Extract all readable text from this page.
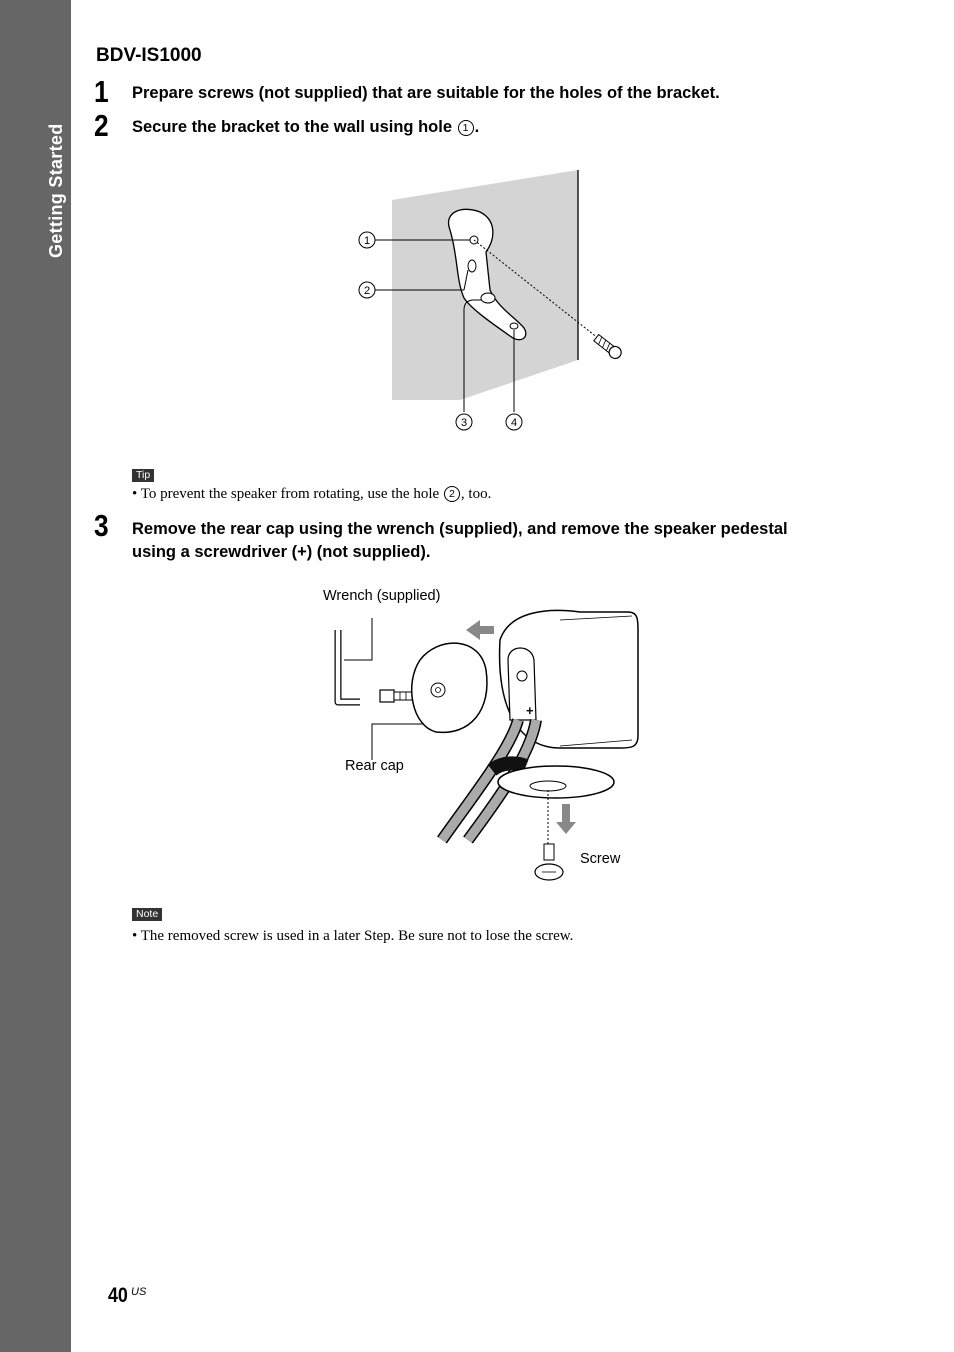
Getting Started
BDV-IS1000
1 Prepare screws (not supplied) that are suitable for the holes of the bracket.
2 Secure the bracket to the wall using hole 1 .
1
2
3	4
Tip
• To prevent the speaker from rotating, use the hole 2 , too.
3 Remove the rear cap using the wrench (supplied), and remove the speaker pedestal
using a screwdriver (+) (not supplied).
+
Wrench (supplied)
Rear cap
Screw
Note
• The removed screw is used in a later Step. Be sure not to lose the screw.
40 US
